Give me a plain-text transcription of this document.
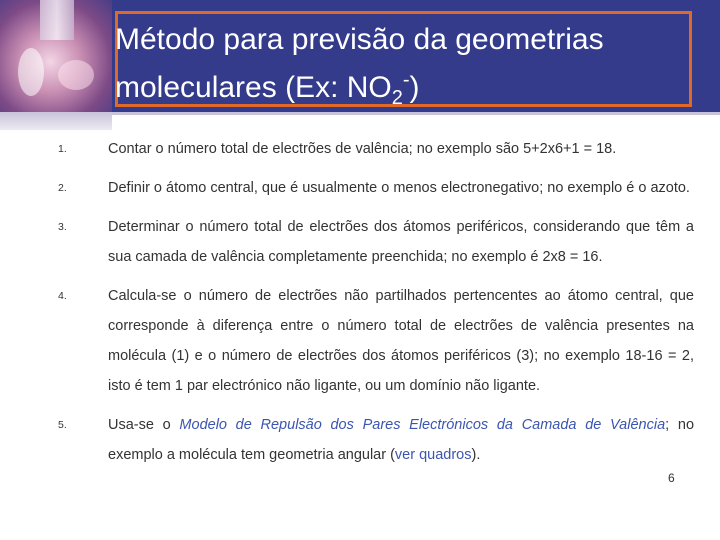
Método para previsão da geometrias
moleculares (Ex: $NO_2^-$)
1.	Contar o número total de electrões de valência; no exemplo são 5+2x6+1 = 18.
2.	Definir o átomo central, que é usualmente o menos electronegativo; no exemplo é o azoto.
3.	Determinar o número total de electrões dos átomos periféricos, considerando que têm a sua camada de valência completamente preenchida; no exemplo é 2x8 = 16.
4.	Calcula-se o número de electrões não partilhados pertencentes ao átomo central, que corresponde à diferença entre o número total de electrões de valência presentes na molécula (1) e o número de electrões dos átomos periféricos (3); no exemplo 18-16 = 2, isto é tem 1 par electrónico não ligante, ou um domínio não ligante.
5.	Usa-se o Modelo de Repulsão dos Pares Electrónicos da Camada de Valência; no exemplo a molécula tem geometria angular (ver quadros).
6
